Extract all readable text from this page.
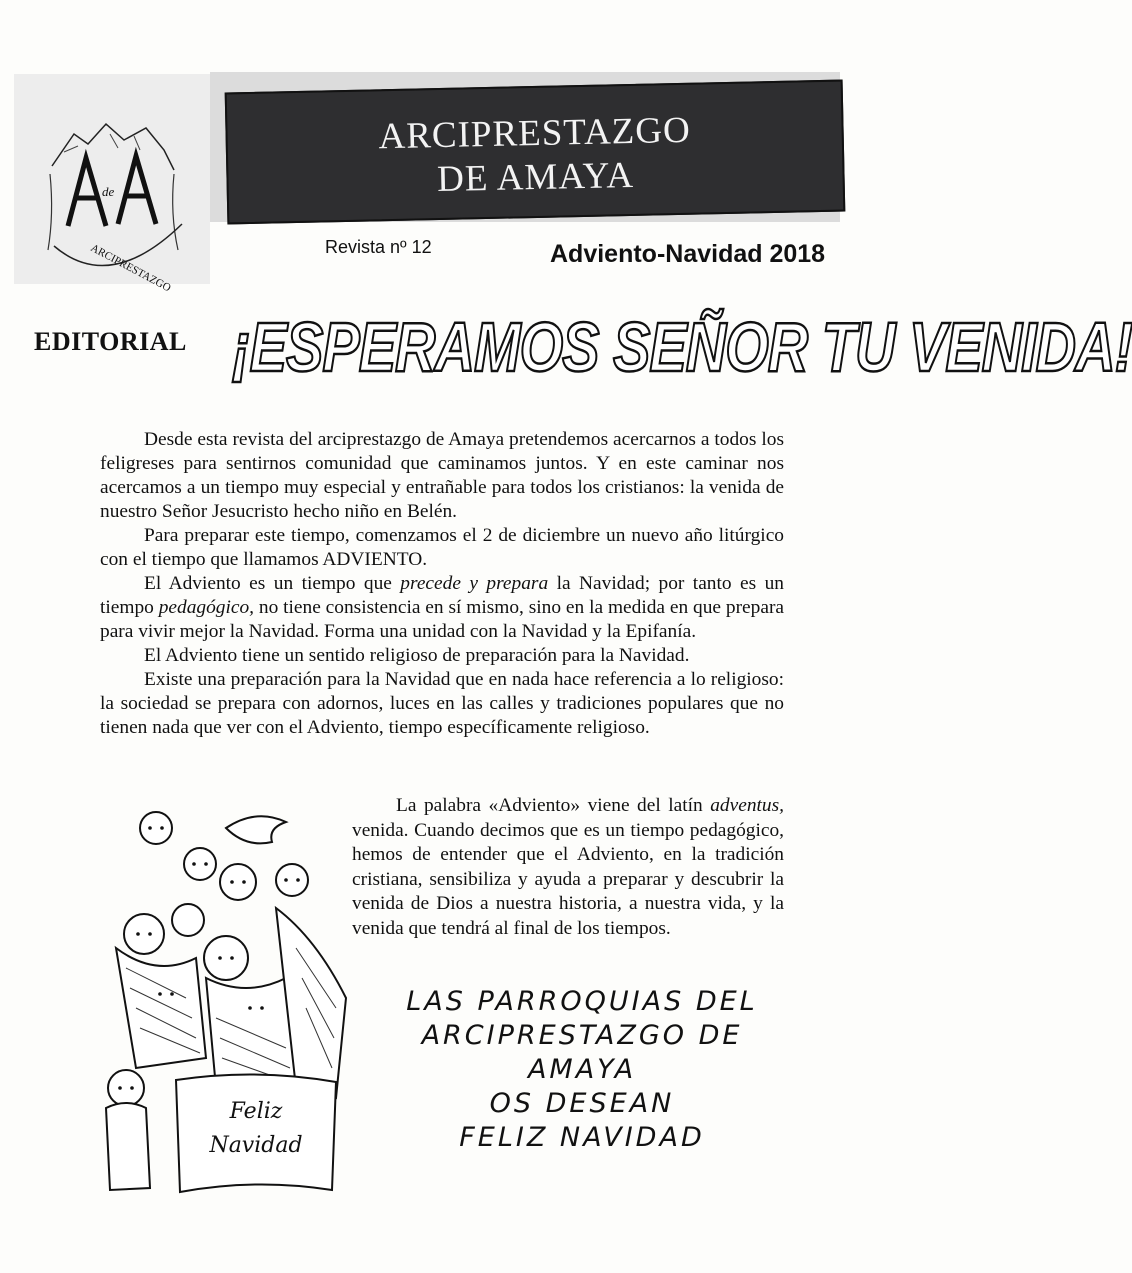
de
ARCIPRESTAZGO
ARCIPRESTAZGO
DE AMAYA
Revista nº 12	Adviento-Navidad 2018
EDITORIAL ¡ESPERAMOS SEÑOR TU VENIDA!

Desde esta revista del arciprestazgo de Amaya pretendemos acercarnos a todos los feligreses para sentirnos comunidad que caminamos juntos. Y en este caminar nos acercamos a un tiempo muy especial y entrañable para todos los cristianos: la venida de nuestro Señor Jesucristo hecho niño en Belén.

Para preparar este tiempo, comenzamos el 2 de diciembre un nuevo año litúrgico con el tiempo que llamamos ADVIENTO.

El Adviento es un tiempo que precede y prepara la Navidad; por tanto es un tiempo pedagógico, no tiene consistencia en sí mismo, sino en la medida en que prepara para vivir mejor la Navidad. Forma una unidad con la Navidad y la Epifanía.

El Adviento tiene un sentido religioso de preparación para la Navidad.

Existe una preparación para la Navidad que en nada hace referencia a lo religioso: la sociedad se prepara con adornos, luces en las calles y tradiciones populares que no tienen nada que ver con el Adviento, tiempo específicamente religioso.

La palabra «Adviento» viene del latín adventus, venida. Cuando decimos que es un tiempo pedagógico, hemos de entender que el Adviento, en la tradición cristiana, sensibiliza y ayuda a preparar y descubrir la venida de Dios a nuestra historia, a nuestra vida, y la venida que tendrá al final de los tiempos.

Feliz
Navidad
LAS PARROQUIAS DEL
ARCIPRESTAZGO DE
AMAYA
OS DESEAN
FELIZ NAVIDAD
